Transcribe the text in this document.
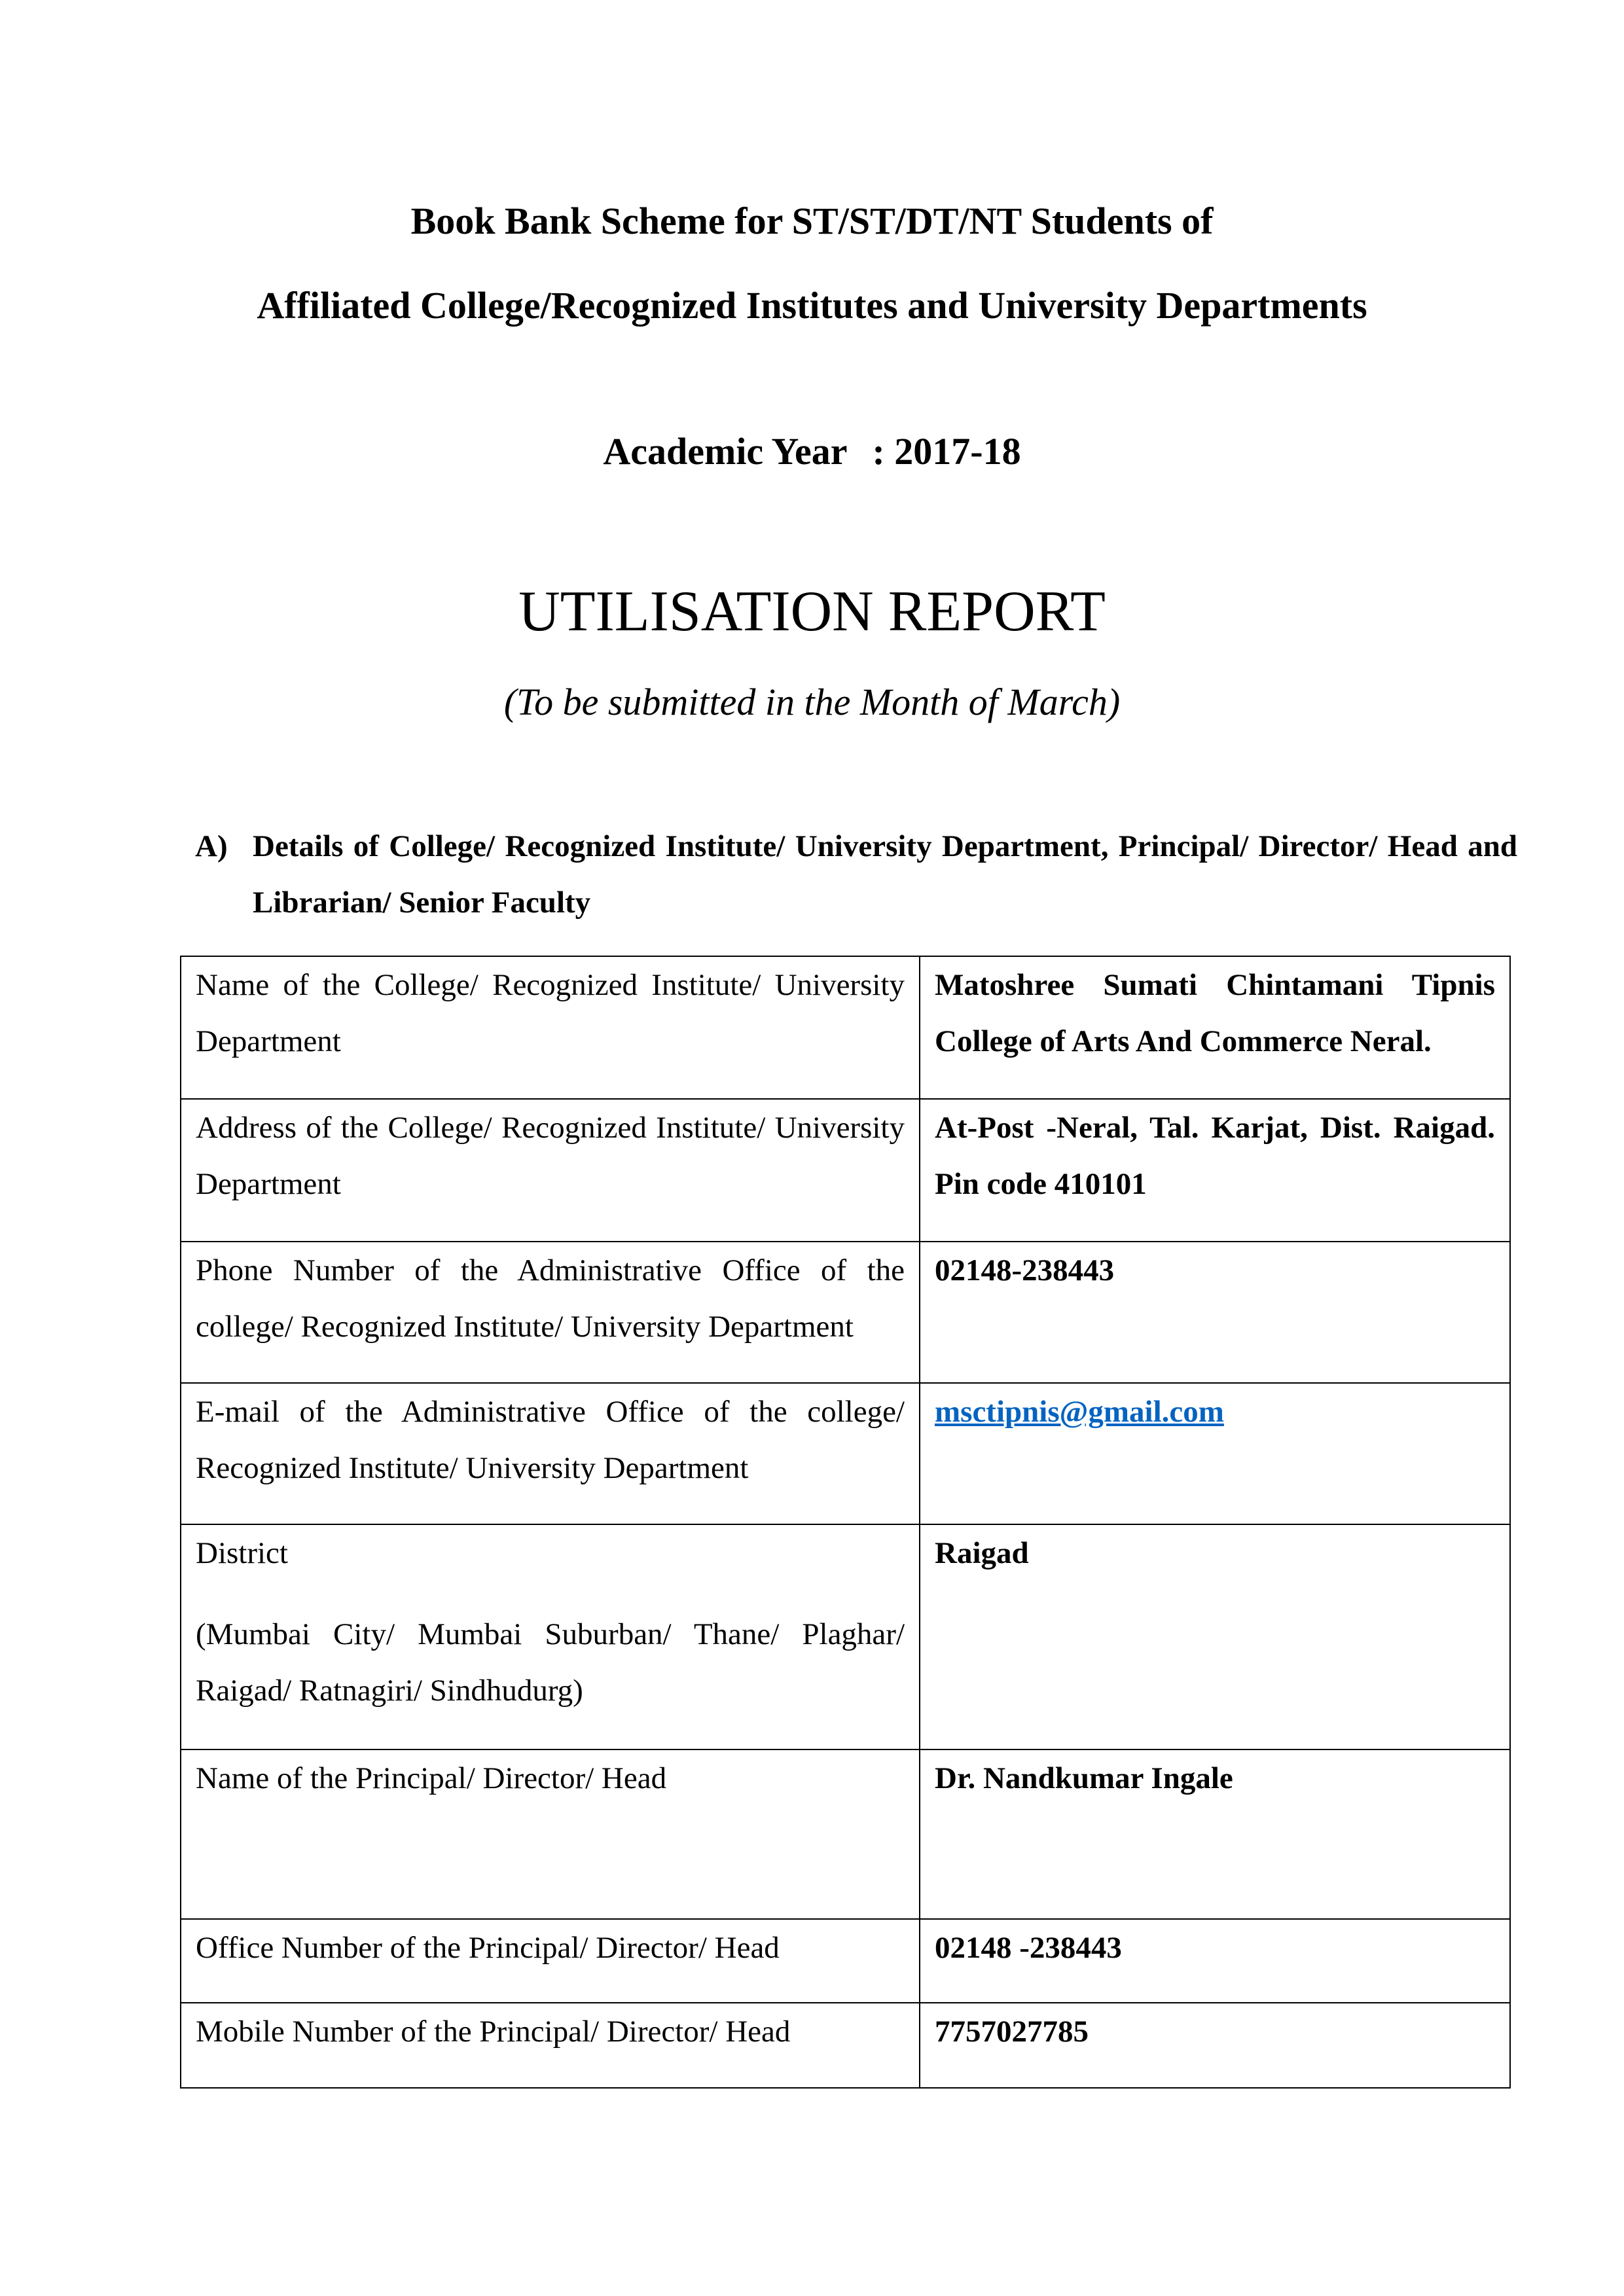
Book Bank Scheme for ST/ST/DT/NT Students of
Affiliated College/Recognized Institutes and University Departments
Academic Year : 2017-18
UTILISATION REPORT
(To be submitted in the Month of March)
A) Details of College/ Recognized Institute/ University Department, Principal/ Director/ Head and Librarian/ Senior Faculty
Name of the College/ Recognized Institute/ University Department	Matoshree Sumati Chintamani Tipnis College of Arts And Commerce Neral.
Address of the College/ Recognized Institute/ University Department	At-Post -Neral, Tal. Karjat, Dist. Raigad. Pin code 410101
Phone Number of the Administrative Office of the college/ Recognized Institute/ University Department	02148-238443
E-mail of the Administrative Office of the college/ Recognized Institute/ University Department	msctipnis@gmail.com
District
(Mumbai City/ Mumbai Suburban/ Thane/ Plaghar/ Raigad/ Ratnagiri/ Sindhudurg)	Raigad
Name of the Principal/ Director/ Head	Dr. Nandkumar Ingale
Office Number of the Principal/ Director/ Head	02148 -238443
Mobile Number of the Principal/ Director/ Head	7757027785
